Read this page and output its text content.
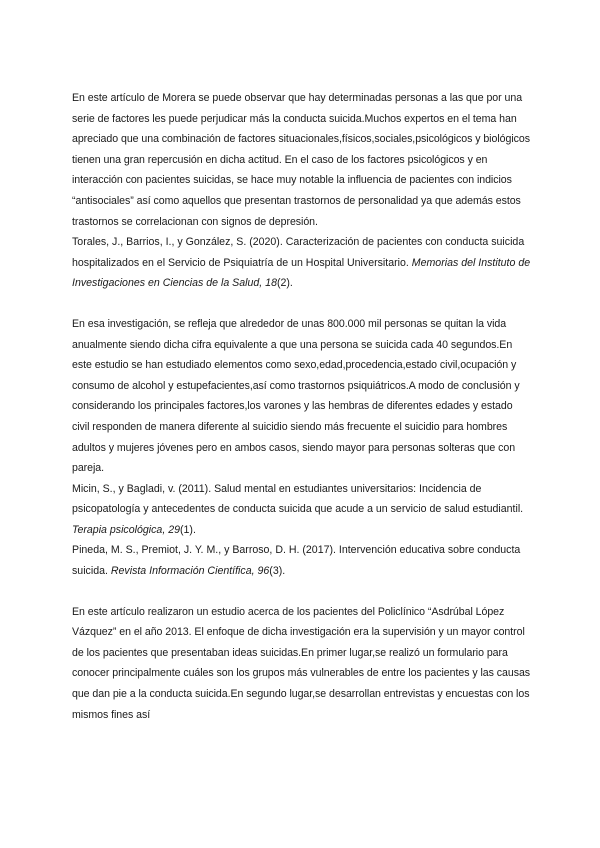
En este artículo de Morera se puede observar que hay determinadas personas a las que por una serie de factores les puede perjudicar más la conducta suicida.Muchos expertos en el tema han apreciado que una combinación de factores situacionales,físicos,sociales,psicológicos y biológicos tienen una gran repercusión en dicha actitud. En el caso de los factores psicológicos y en interacción con pacientes suicidas, se hace muy notable la influencia de pacientes con indicios “antisociales” así como aquellos que presentan trastornos de personalidad ya que además estos trastornos se correlacionan con signos de depresión.

Torales, J., Barrios, I., y González, S. (2020). Caracterización de pacientes con conducta suicida hospitalizados en el Servicio de Psiquiatría de un Hospital Universitario. Memorias del Instituto de Investigaciones en Ciencias de la Salud, 18(2).

En esa investigación, se refleja que alrededor de unas 800.000 mil personas se quitan la vida anualmente siendo dicha cifra equivalente a que una persona se suicida cada 40 segundos.En este estudio se han estudiado elementos como sexo,edad,procedencia,estado civil,ocupación y consumo de alcohol y estupefacientes,así como trastornos psiquiátricos.A modo de conclusión y considerando los principales factores,los varones y las hembras de diferentes edades y estado civil responden de manera diferente al suicidio siendo más frecuente el suicidio para hombres adultos y mujeres jóvenes pero en ambos casos, siendo mayor para personas solteras que con pareja.

Micin, S., y Bagladi, v. (2011). Salud mental en estudiantes universitarios: Incidencia de psicopatología y antecedentes de conducta suicida que acude a un servicio de salud estudiantil. Terapia psicológica, 29(1).

Pineda, M. S., Premiot, J. Y. M., y Barroso, D. H. (2017). Intervención educativa sobre conducta suicida. Revista Información Científica, 96(3).

En este artículo realizaron un estudio acerca de los pacientes del Policlínico “Asdrúbal López Vázquez” en el año 2013. El enfoque de dicha investigación era la supervisión y un mayor control de los pacientes que presentaban ideas suicidas.En primer lugar,se realizó un formulario para conocer principalmente cuáles son los grupos más vulnerables de entre los pacientes y las causas que dan pie a la conducta suicida.En segundo lugar,se desarrollan entrevistas y encuestas con los mismos fines así
